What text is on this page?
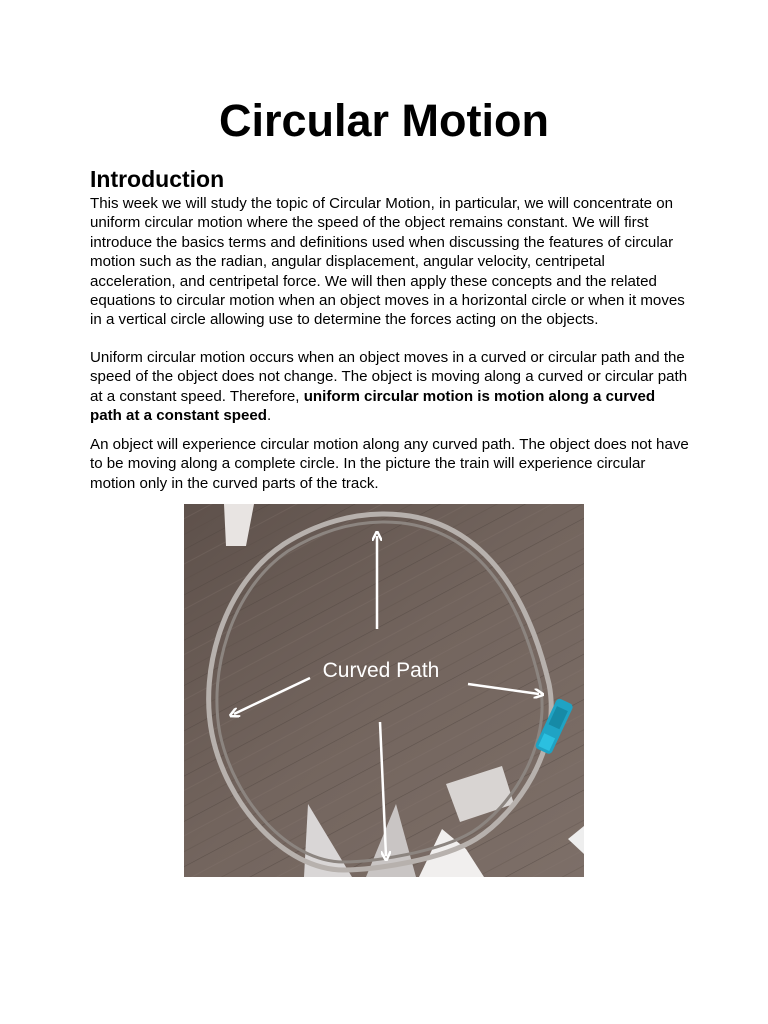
Circular Motion
Introduction

This week we will study the topic of Circular Motion, in particular, we will concentrate on uniform circular motion where the speed of the object remains constant. We will first introduce the basics terms and definitions used when discussing the features of circular motion such as the radian, angular displacement, angular velocity, centripetal acceleration, and centripetal force. We will then apply these concepts and the related equations to circular motion when an object moves in a horizontal circle or when it moves in a vertical circle allowing use to determine the forces acting on the objects.

Uniform circular motion occurs when an object moves in a curved or circular path and the speed of the object does not change. The object is moving along a curved or circular path at a constant speed. Therefore, uniform circular motion is motion along a curved path at a constant speed.

An object will experience circular motion along any curved path. The object does not have to be moving along a complete circle. In the picture the train will experience circular motion only in the curved parts of the track.

Curved Path
